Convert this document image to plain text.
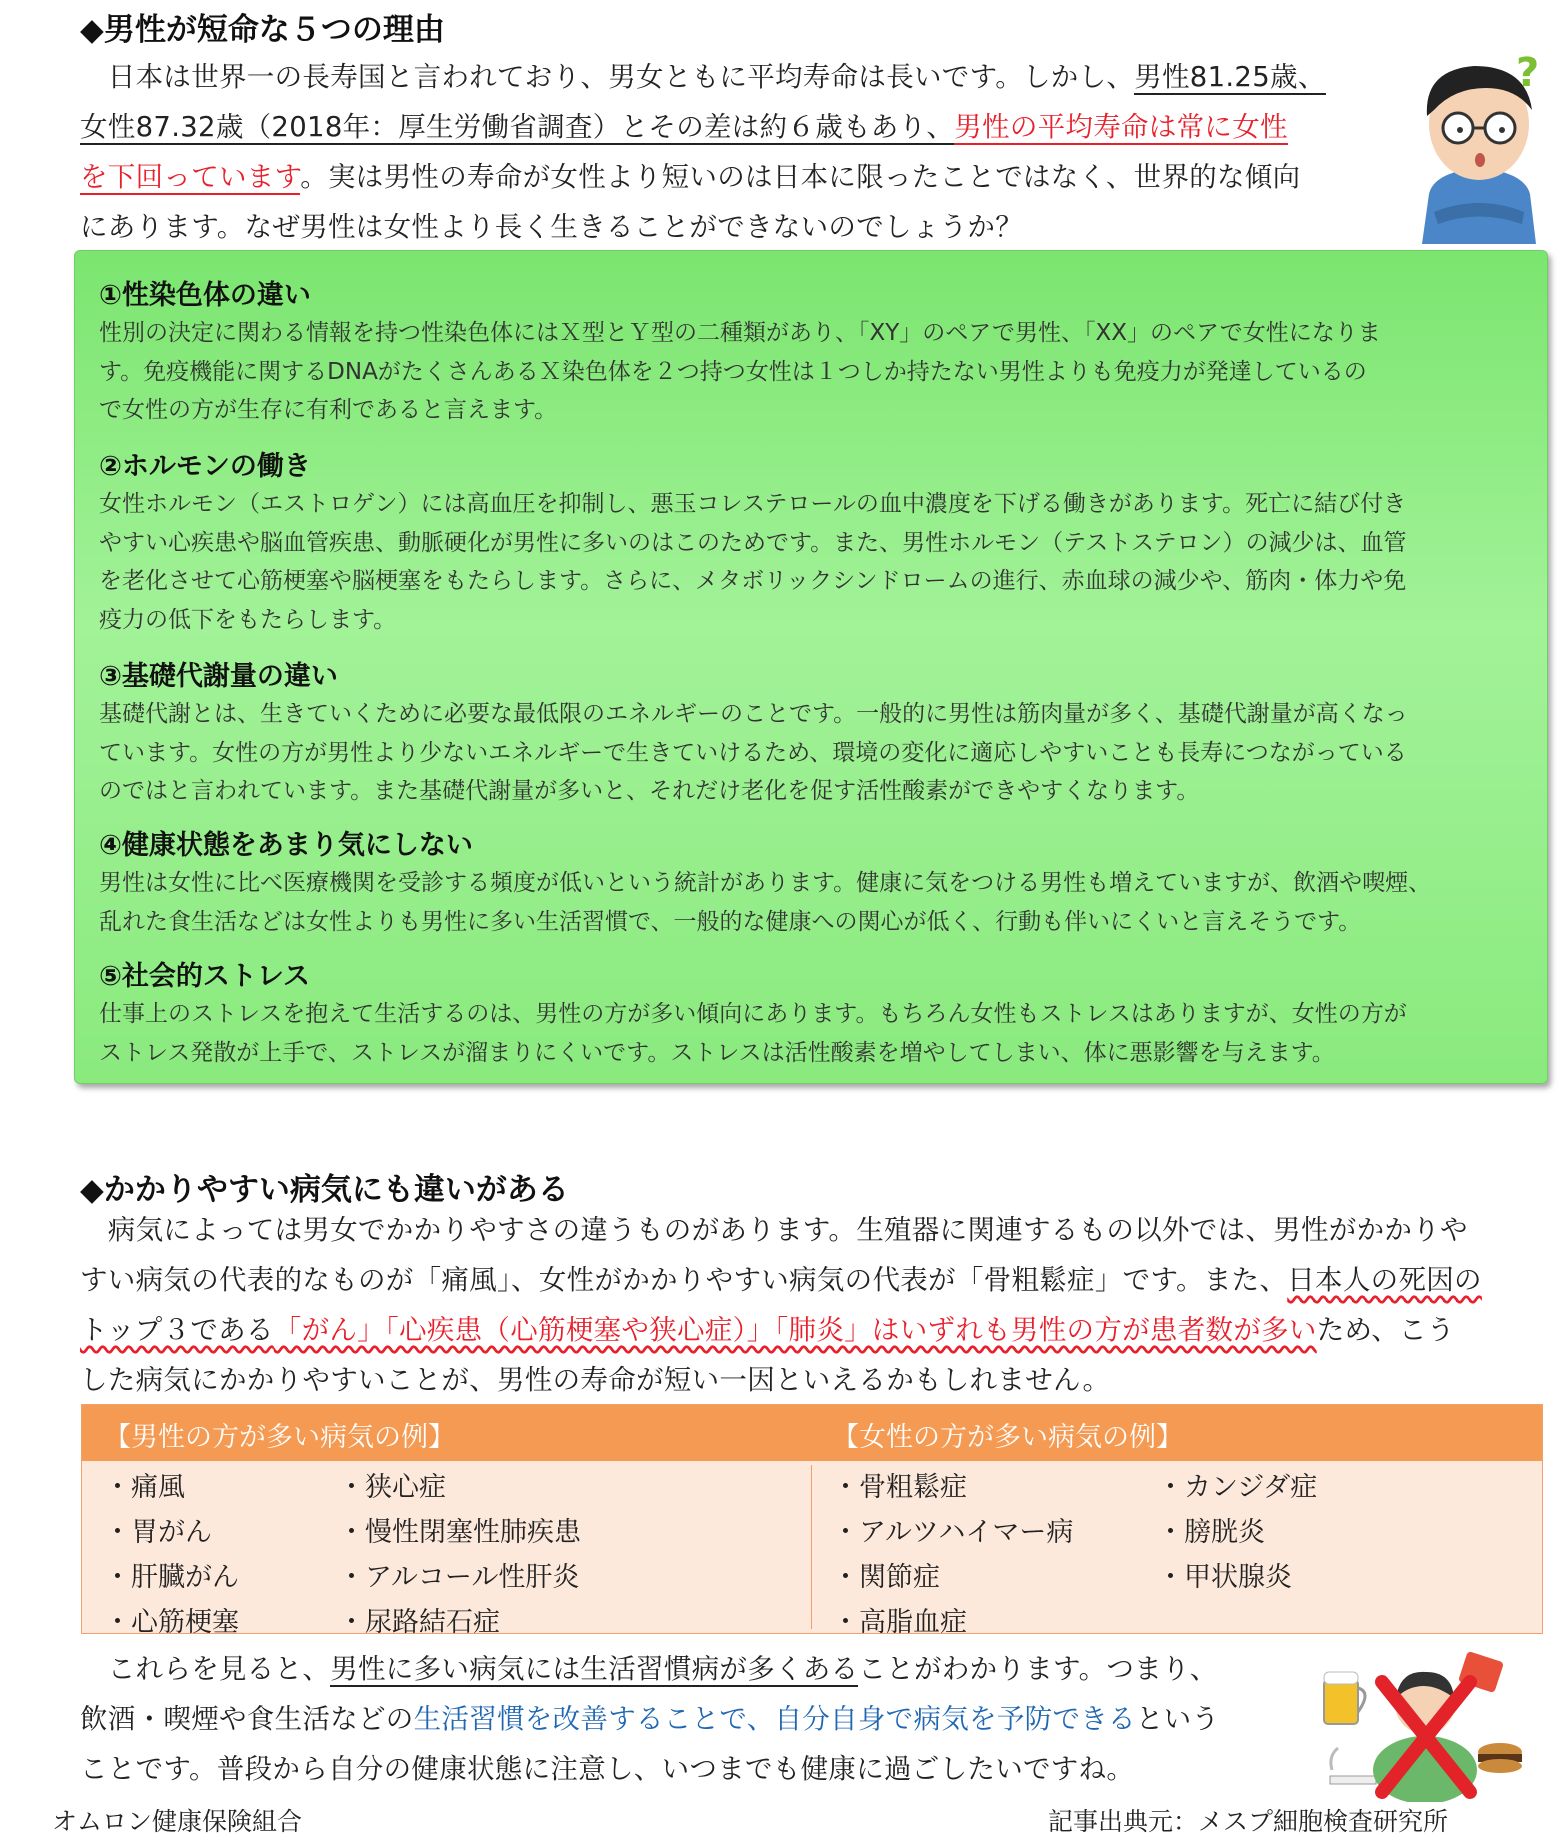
◆男性が短命な５つの理由
?
　日本は世界一の長寿国と言われており、男女ともに平均寿命は長いです。しかし、男性81.25歳、
女性87.32歳（2018年：厚生労働省調査）とその差は約６歳もあり、男性の平均寿命は常に女性
を下回っています。実は男性の寿命が女性より短いのは日本に限ったことではなく、世界的な傾向
にあります。なぜ男性は女性より長く生きることができないのでしょうか？
①性染色体の違い
性別の決定に関わる情報を持つ性染色体にはＸ型とＹ型の二種類があり、「XY」のペアで男性、「XX」のペアで女性になりま
す。免疫機能に関するDNAがたくさんあるＸ染色体を２つ持つ女性は１つしか持たない男性よりも免疫力が発達しているの
で女性の方が生存に有利であると言えます。
②ホルモンの働き
女性ホルモン（エストロゲン）には高血圧を抑制し、悪玉コレステロールの血中濃度を下げる働きがあります。死亡に結び付き
やすい心疾患や脳血管疾患、動脈硬化が男性に多いのはこのためです。また、男性ホルモン（テストステロン）の減少は、血管
を老化させて心筋梗塞や脳梗塞をもたらします。さらに、メタボリックシンドロームの進行、赤血球の減少や、筋肉・体力や免
疫力の低下をもたらします。
③基礎代謝量の違い
基礎代謝とは、生きていくために必要な最低限のエネルギーのことです。一般的に男性は筋肉量が多く、基礎代謝量が高くなっ
ています。女性の方が男性より少ないエネルギーで生きていけるため、環境の変化に適応しやすいことも長寿につながっている
のではと言われています。また基礎代謝量が多いと、それだけ老化を促す活性酸素ができやすくなります。
④健康状態をあまり気にしない
男性は女性に比べ医療機関を受診する頻度が低いという統計があります。健康に気をつける男性も増えていますが、飲酒や喫煙、
乱れた食生活などは女性よりも男性に多い生活習慣で、一般的な健康への関心が低く、行動も伴いにくいと言えそうです。
⑤社会的ストレス
仕事上のストレスを抱えて生活するのは、男性の方が多い傾向にあります。もちろん女性もストレスはありますが、女性の方が
ストレス発散が上手で、ストレスが溜まりにくいです。ストレスは活性酸素を増やしてしまい、体に悪影響を与えます。
◆かかりやすい病気にも違いがある
　病気によっては男女でかかりやすさの違うものがあります。生殖器に関連するもの以外では、男性がかかりや
すい病気の代表的なものが「痛風」、女性がかかりやすい病気の代表が「骨粗鬆症」です。また、日本人の死因の
トップ３である「がん」「心疾患（心筋梗塞や狭心症）」「肺炎」はいずれも男性の方が患者数が多いため、こう
した病気にかかりやすいことが、男性の寿命が短い一因といえるかもしれません。
【男性の方が多い病気の例】	【女性の方が多い病気の例】
・痛風
・胃がん
・肝臓がん
・心筋梗塞
・狭心症
・慢性閉塞性肺疾患
・アルコール性肝炎
・尿路結石症
・骨粗鬆症
・アルツハイマー病
・関節症
・高脂血症
・カンジダ症
・膀胱炎
・甲状腺炎
　これらを見ると、男性に多い病気には生活習慣病が多くあることがわかります。つまり、
飲酒・喫煙や食生活などの生活習慣を改善することで、自分自身で病気を予防できるという
ことです。普段から自分の健康状態に注意し、いつまでも健康に過ごしたいですね。
オムロン健康保険組合	記事出典元：メスプ細胞検査研究所
